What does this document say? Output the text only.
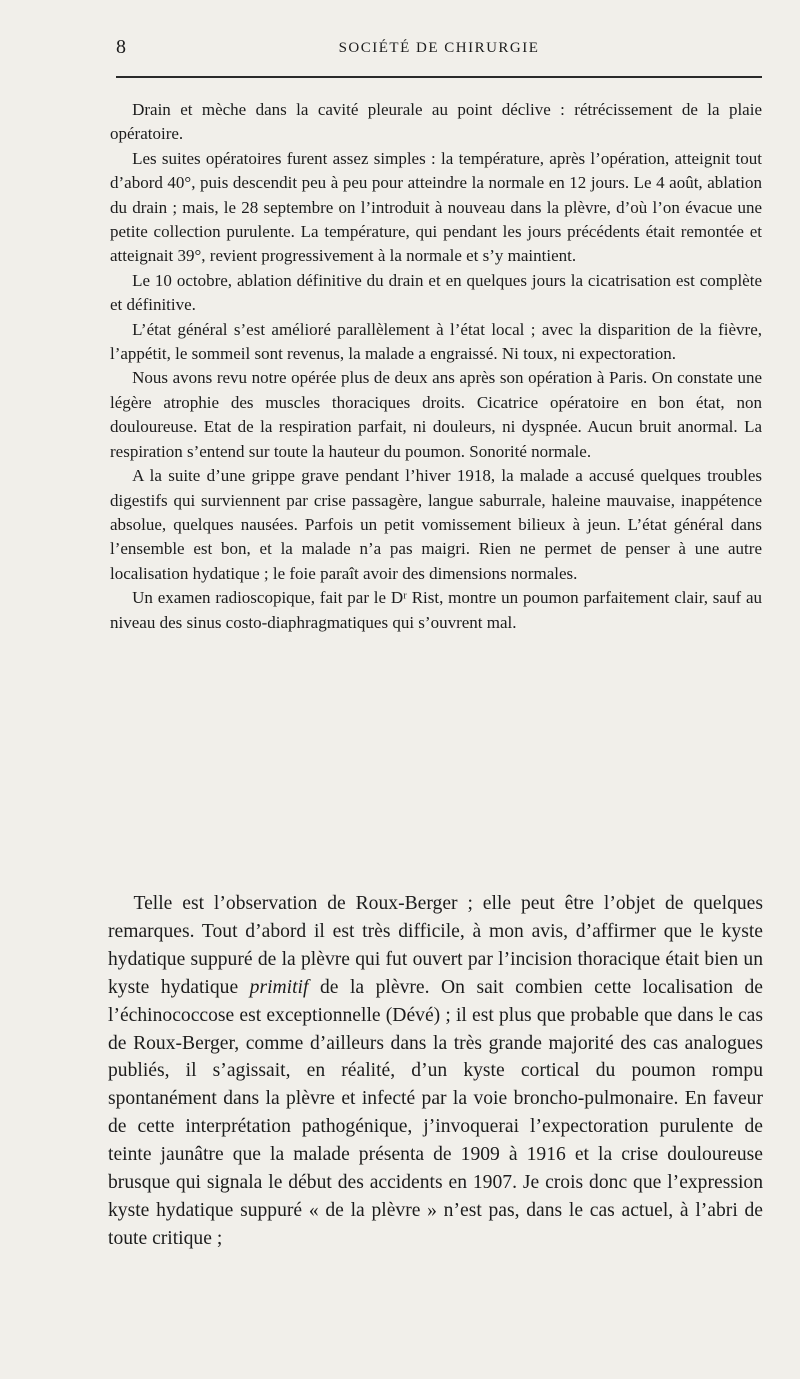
8	SOCIÉTÉ DE CHIRURGIE

Drain et mèche dans la cavité pleurale au point déclive : rétrécissement de la plaie opératoire.

Les suites opératoires furent assez simples : la température, après l’opération, atteignit tout d’abord 40°, puis descendit peu à peu pour atteindre la normale en 12 jours. Le 4 août, ablation du drain ; mais, le 28 septembre on l’introduit à nouveau dans la plèvre, d’où l’on évacue une petite collection purulente. La température, qui pendant les jours précédents était remontée et atteignait 39°, revient progressivement à la normale et s’y maintient.

Le 10 octobre, ablation définitive du drain et en quelques jours la cicatrisation est complète et définitive.

L’état général s’est amélioré parallèlement à l’état local ; avec la disparition de la fièvre, l’appétit, le sommeil sont revenus, la malade a engraissé. Ni toux, ni expectoration.

Nous avons revu notre opérée plus de deux ans après son opération à Paris. On constate une légère atrophie des muscles thoraciques droits. Cicatrice opératoire en bon état, non douloureuse. Etat de la respiration parfait, ni douleurs, ni dyspnée. Aucun bruit anormal. La respiration s’entend sur toute la hauteur du poumon. Sonorité normale.

A la suite d’une grippe grave pendant l’hiver 1918, la malade a accusé quelques troubles digestifs qui surviennent par crise passagère, langue saburrale, haleine mauvaise, inappétence absolue, quelques nausées. Parfois un petit vomissement bilieux à jeun. L’état général dans l’ensemble est bon, et la malade n’a pas maigri. Rien ne permet de penser à une autre localisation hydatique ; le foie paraît avoir des dimensions normales.

Un examen radioscopique, fait par le Dʳ Rist, montre un poumon parfaitement clair, sauf au niveau des sinus costo-diaphragmatiques qui s’ouvrent mal.

Telle est l’observation de Roux-Berger ; elle peut être l’objet de quelques remarques. Tout d’abord il est très difficile, à mon avis, d’affirmer que le kyste hydatique suppuré de la plèvre qui fut ouvert par l’incision thoracique était bien un kyste hydatique primitif de la plèvre. On sait combien cette localisation de l’échinococcose est exceptionnelle (Dévé) ; il est plus que probable que dans le cas de Roux-Berger, comme d’ailleurs dans la très grande majorité des cas analogues publiés, il s’agissait, en réalité, d’un kyste cortical du poumon rompu spontanément dans la plèvre et infecté par la voie broncho-pulmonaire. En faveur de cette interprétation pathogénique, j’invoquerai l’expectoration purulente de teinte jaunâtre que la malade présenta de 1909 à 1916 et la crise douloureuse brusque qui signala le début des accidents en 1907. Je crois donc que l’expression kyste hydatique suppuré « de la plèvre » n’est pas, dans le cas actuel, à l’abri de toute critique ;
